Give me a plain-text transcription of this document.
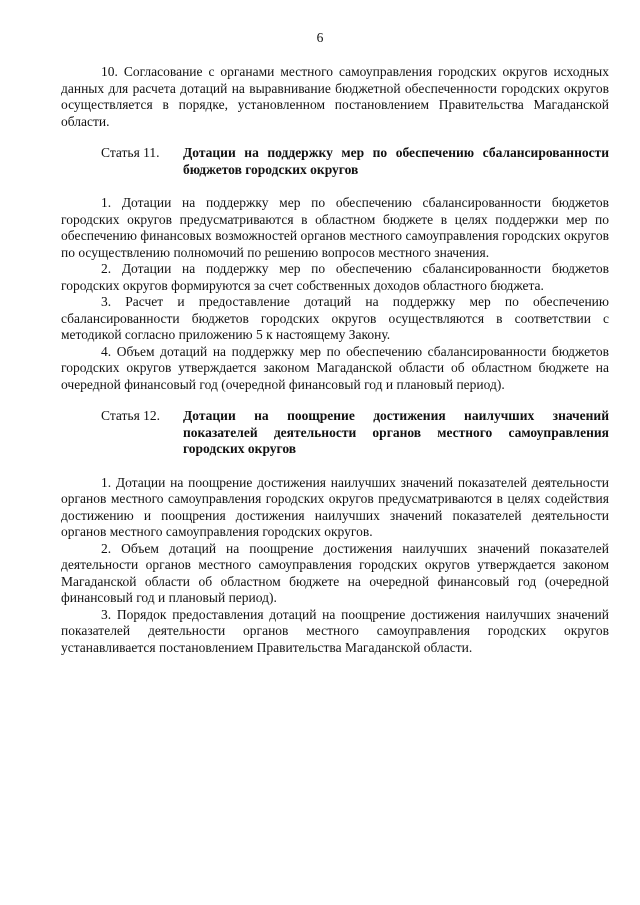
6

10. Согласование с органами местного самоуправления городских округов исходных данных для расчета дотаций на выравнивание бюджетной обеспеченности городских округов осуществляется в порядке, установленном постановлением Правительства Магаданской области.

Статья 11. Дотации на поддержку мер по обеспечению сбалансированности бюджетов городских округов

1. Дотации на поддержку мер по обеспечению сбалансированности бюджетов городских округов предусматриваются в областном бюджете в целях поддержки мер по обеспечению финансовых возможностей органов местного самоуправления городских округов по осуществлению полномочий по решению вопросов местного значения.

2. Дотации на поддержку мер по обеспечению сбалансированности бюджетов городских округов формируются за счет собственных доходов областного бюджета.

3. Расчет и предоставление дотаций на поддержку мер по обеспечению сбалансированности бюджетов городских округов осуществляются в соответствии с методикой согласно приложению 5 к настоящему Закону.

4. Объем дотаций на поддержку мер по обеспечению сбалансированности бюджетов городских округов утверждается законом Магаданской области об областном бюджете на очередной финансовый год (очередной финансовый год и плановый период).

Статья 12. Дотации на поощрение достижения наилучших значений показателей деятельности органов местного самоуправления городских округов

1. Дотации на поощрение достижения наилучших значений показателей деятельности органов местного самоуправления городских округов предусматриваются в целях содействия достижению и поощрения достижения наилучших значений показателей деятельности органов местного самоуправления городских округов.

2. Объем дотаций на поощрение достижения наилучших значений показателей деятельности органов местного самоуправления городских округов утверждается законом Магаданской области об областном бюджете на очередной финансовый год (очередной финансовый год и плановый период).

3. Порядок предоставления дотаций на поощрение достижения наилучших значений показателей деятельности органов местного самоуправления городских округов устанавливается постановлением Правительства Магаданской области.
